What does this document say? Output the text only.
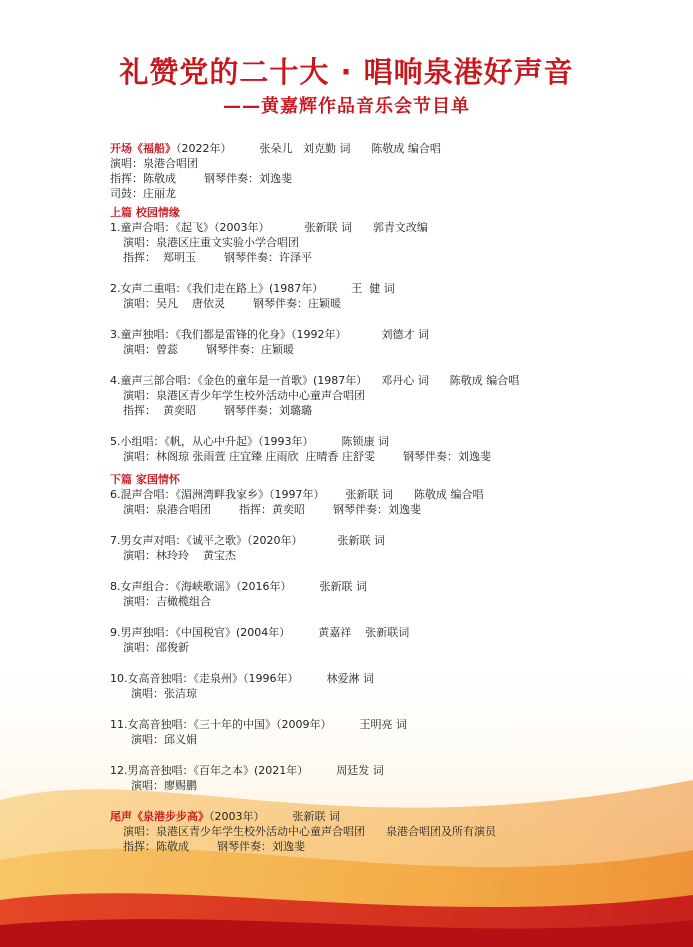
礼赞党的二十大 · 唱响泉港好声音
——黄嘉辉作品音乐会节目单
开场《福船》（2022年）        张朵儿   刘克勤 词      陈敬成 编合唱
演唱：泉港合唱团
指挥：陈敬成        钢琴伴奏：刘逸斐
司鼓：庄丽龙
上篇 校园情缘
1.童声合唱：《起飞》（2003年）          张新联 词      郭青文改编
演唱：泉港区庄重文实验小学合唱团
指挥：  郑明玉        钢琴伴奏：许泽平
2.女声二重唱：《我们走在路上》(1987年）        王  健 词
演唱：吴凡    唐依灵        钢琴伴奏：庄颖暖
3.童声独唱：《我们都是雷锋的化身》（1992年）          刘德才 词
演唱：曾蕊        钢琴伴奏：庄颖暖
4.童声三部合唱：《金色的童年是一首歌》(1987年）    邓丹心 词      陈敬成 编合唱
演唱：泉港区青少年学生校外活动中心童声合唱团
指挥：  黄奕昭        钢琴伴奏：刘璐璐
5.小组唱：《帆，从心中升起》（1993年）        陈锁康 词
演唱：林阁琼 张雨萱 庄宜臻 庄雨欣  庄晴香 庄舒雯        钢琴伴奏：刘逸斐
下篇 家国情怀
6.混声合唱：《湄洲湾畔我家乡》（1997年）      张新联 词      陈敬成 编合唱
演唱：泉港合唱团        指挥：黄奕昭        钢琴伴奏：刘逸斐
7.男女声对唱：《诚平之歌》（2020年）          张新联 词
演唱：林玲玲    黄宝杰
8.女声组合：《海峡歌谣》（2016年）        张新联 词
演唱：吉橄榄组合
9.男声独唱：《中国税官》(2004年）        黄嘉祥    张新联词
演唱：邵俊新
10.女高音独唱：《走泉州》（1996年）        林爱淋 词
演唱：张洁琼
11.女高音独唱：《三十年的中国》（2009年）        王明亮 词
演唱：邱义娟
12.男高音独唱：《百年之本》(2021年）        周廷发 词
演唱：廖赐鹏
尾声《泉港步步高》（2003年）        张新联 词
演唱：泉港区青少年学生校外活动中心童声合唱团      泉港合唱团及所有演员
指挥：陈敬成        钢琴伴奏：刘逸斐
